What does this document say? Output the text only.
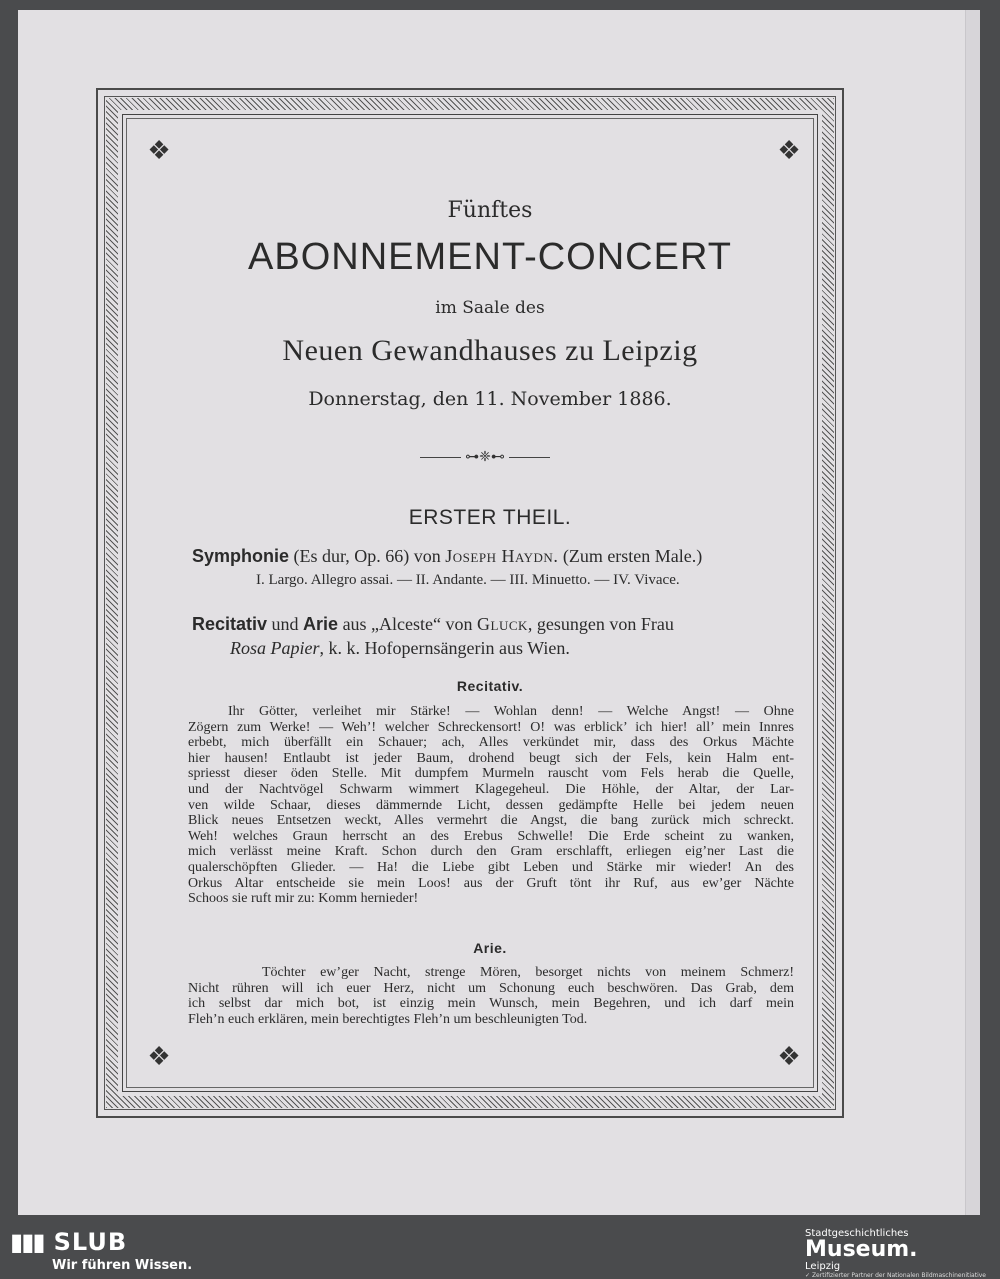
❖	❖
❖	❖
Fünftes
ABONNEMENT-CONCERT
im Saale des
Neuen Gewandhauses zu Leipzig
Donnerstag, den 11. November 1886.
⊶❈⊷
ERSTER THEIL.
Symphonie (Es dur, Op. 66) von Joseph Haydn. (Zum ersten Male.)
I. Largo. Allegro assai. — II. Andante. — III. Minuetto. — IV. Vivace.
Recitativ und Arie aus „Alceste“ von Gluck, gesungen von Frau
Rosa Papier, k. k. Hofopernsängerin aus Wien.
Recitativ.
Ihr Götter, verleihet mir Stärke! — Wohlan denn! — Welche Angst! — Ohne
Zögern zum Werke! — Weh’! welcher Schreckensort! O! was erblick’ ich hier! all’ mein Innres
erbebt, mich überfällt ein Schauer; ach, Alles verkündet mir, dass des Orkus Mächte
hier hausen! Entlaubt ist jeder Baum, drohend beugt sich der Fels, kein Halm ent-
spriesst dieser öden Stelle. Mit dumpfem Murmeln rauscht vom Fels herab die Quelle,
und der Nachtvögel Schwarm wimmert Klagegeheul. Die Höhle, der Altar, der Lar-
ven wilde Schaar, dieses dämmernde Licht, dessen gedämpfte Helle bei jedem neuen
Blick neues Entsetzen weckt, Alles vermehrt die Angst, die bang zurück mich schreckt.
Weh! welches Graun herrscht an des Erebus Schwelle! Die Erde scheint zu wanken,
mich verlässt meine Kraft. Schon durch den Gram erschlafft, erliegen eig’ner Last die
qualerschöpften Glieder. — Ha! die Liebe gibt Leben und Stärke mir wieder! An des
Orkus Altar entscheide sie mein Loos! aus der Gruft tönt ihr Ruf, aus ew’ger Nächte
Schoos sie ruft mir zu: Komm hernieder!
Arie.
Töchter ew’ger Nacht, strenge Mören, besorget nichts von meinem Schmerz!
Nicht rühren will ich euer Herz, nicht um Schonung euch beschwören. Das Grab, dem
ich selbst dar mich bot, ist einzig mein Wunsch, mein Begehren, und ich darf mein
Fleh’n euch erklären, mein berechtigtes Fleh’n um beschleunigten Tod.
▮▮▮ SLUB
Wir führen Wissen.
Stadtgeschichtliches
Museum.
Leipzig
✓ Zertifizierter Partner der Nationalen Bildmaschinenitiative
